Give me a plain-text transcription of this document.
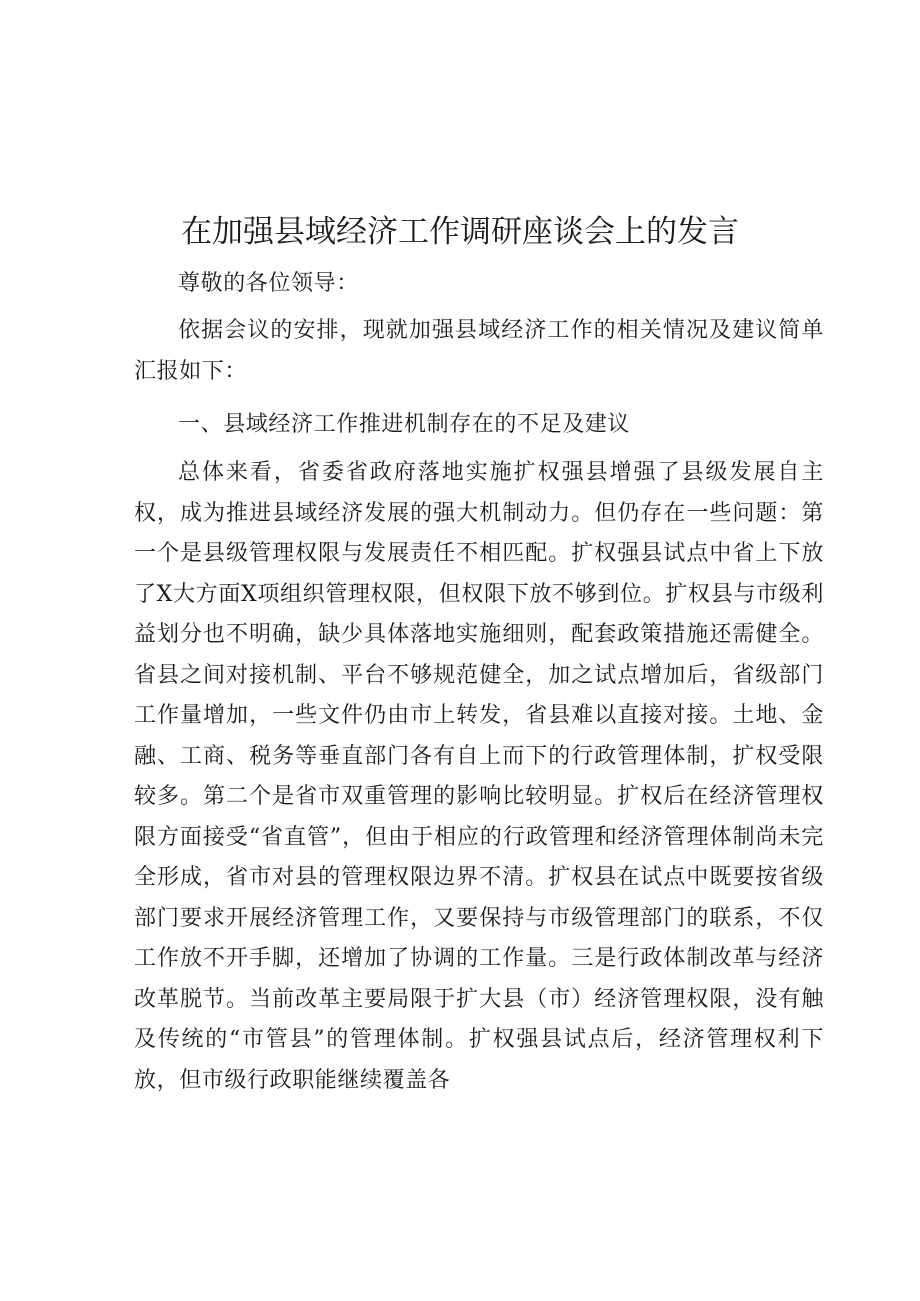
在加强县域经济工作调研座谈会上的发言

尊敬的各位领导：

依据会议的安排，现就加强县域经济工作的相关情况及建议简单汇报如下：

一、县域经济工作推进机制存在的不足及建议

总体来看，省委省政府落地实施扩权强县增强了县级发展自主权，成为推进县域经济发展的强大机制动力。但仍存在一些问题：第一个是县级管理权限与发展责任不相匹配。扩权强县试点中省上下放了X大方面X项组织管理权限，但权限下放不够到位。扩权县与市级利益划分也不明确，缺少具体落地实施细则，配套政策措施还需健全。省县之间对接机制、平台不够规范健全，加之试点增加后，省级部门工作量增加，一些文件仍由市上转发，省县难以直接对接。土地、金融、工商、税务等垂直部门各有自上而下的行政管理体制，扩权受限较多。第二个是省市双重管理的影响比较明显。扩权后在经济管理权限方面接受“省直管”，但由于相应的行政管理和经济管理体制尚未完全形成，省市对县的管理权限边界不清。扩权县在试点中既要按省级部门要求开展经济管理工作，又要保持与市级管理部门的联系，不仅工作放不开手脚，还增加了协调的工作量。三是行政体制改革与经济改革脱节。当前改革主要局限于扩大县（市）经济管理权限，没有触及传统的“市管县”的管理体制。扩权强县试点后，经济管理权利下放，但市级行政职能继续覆盖各
